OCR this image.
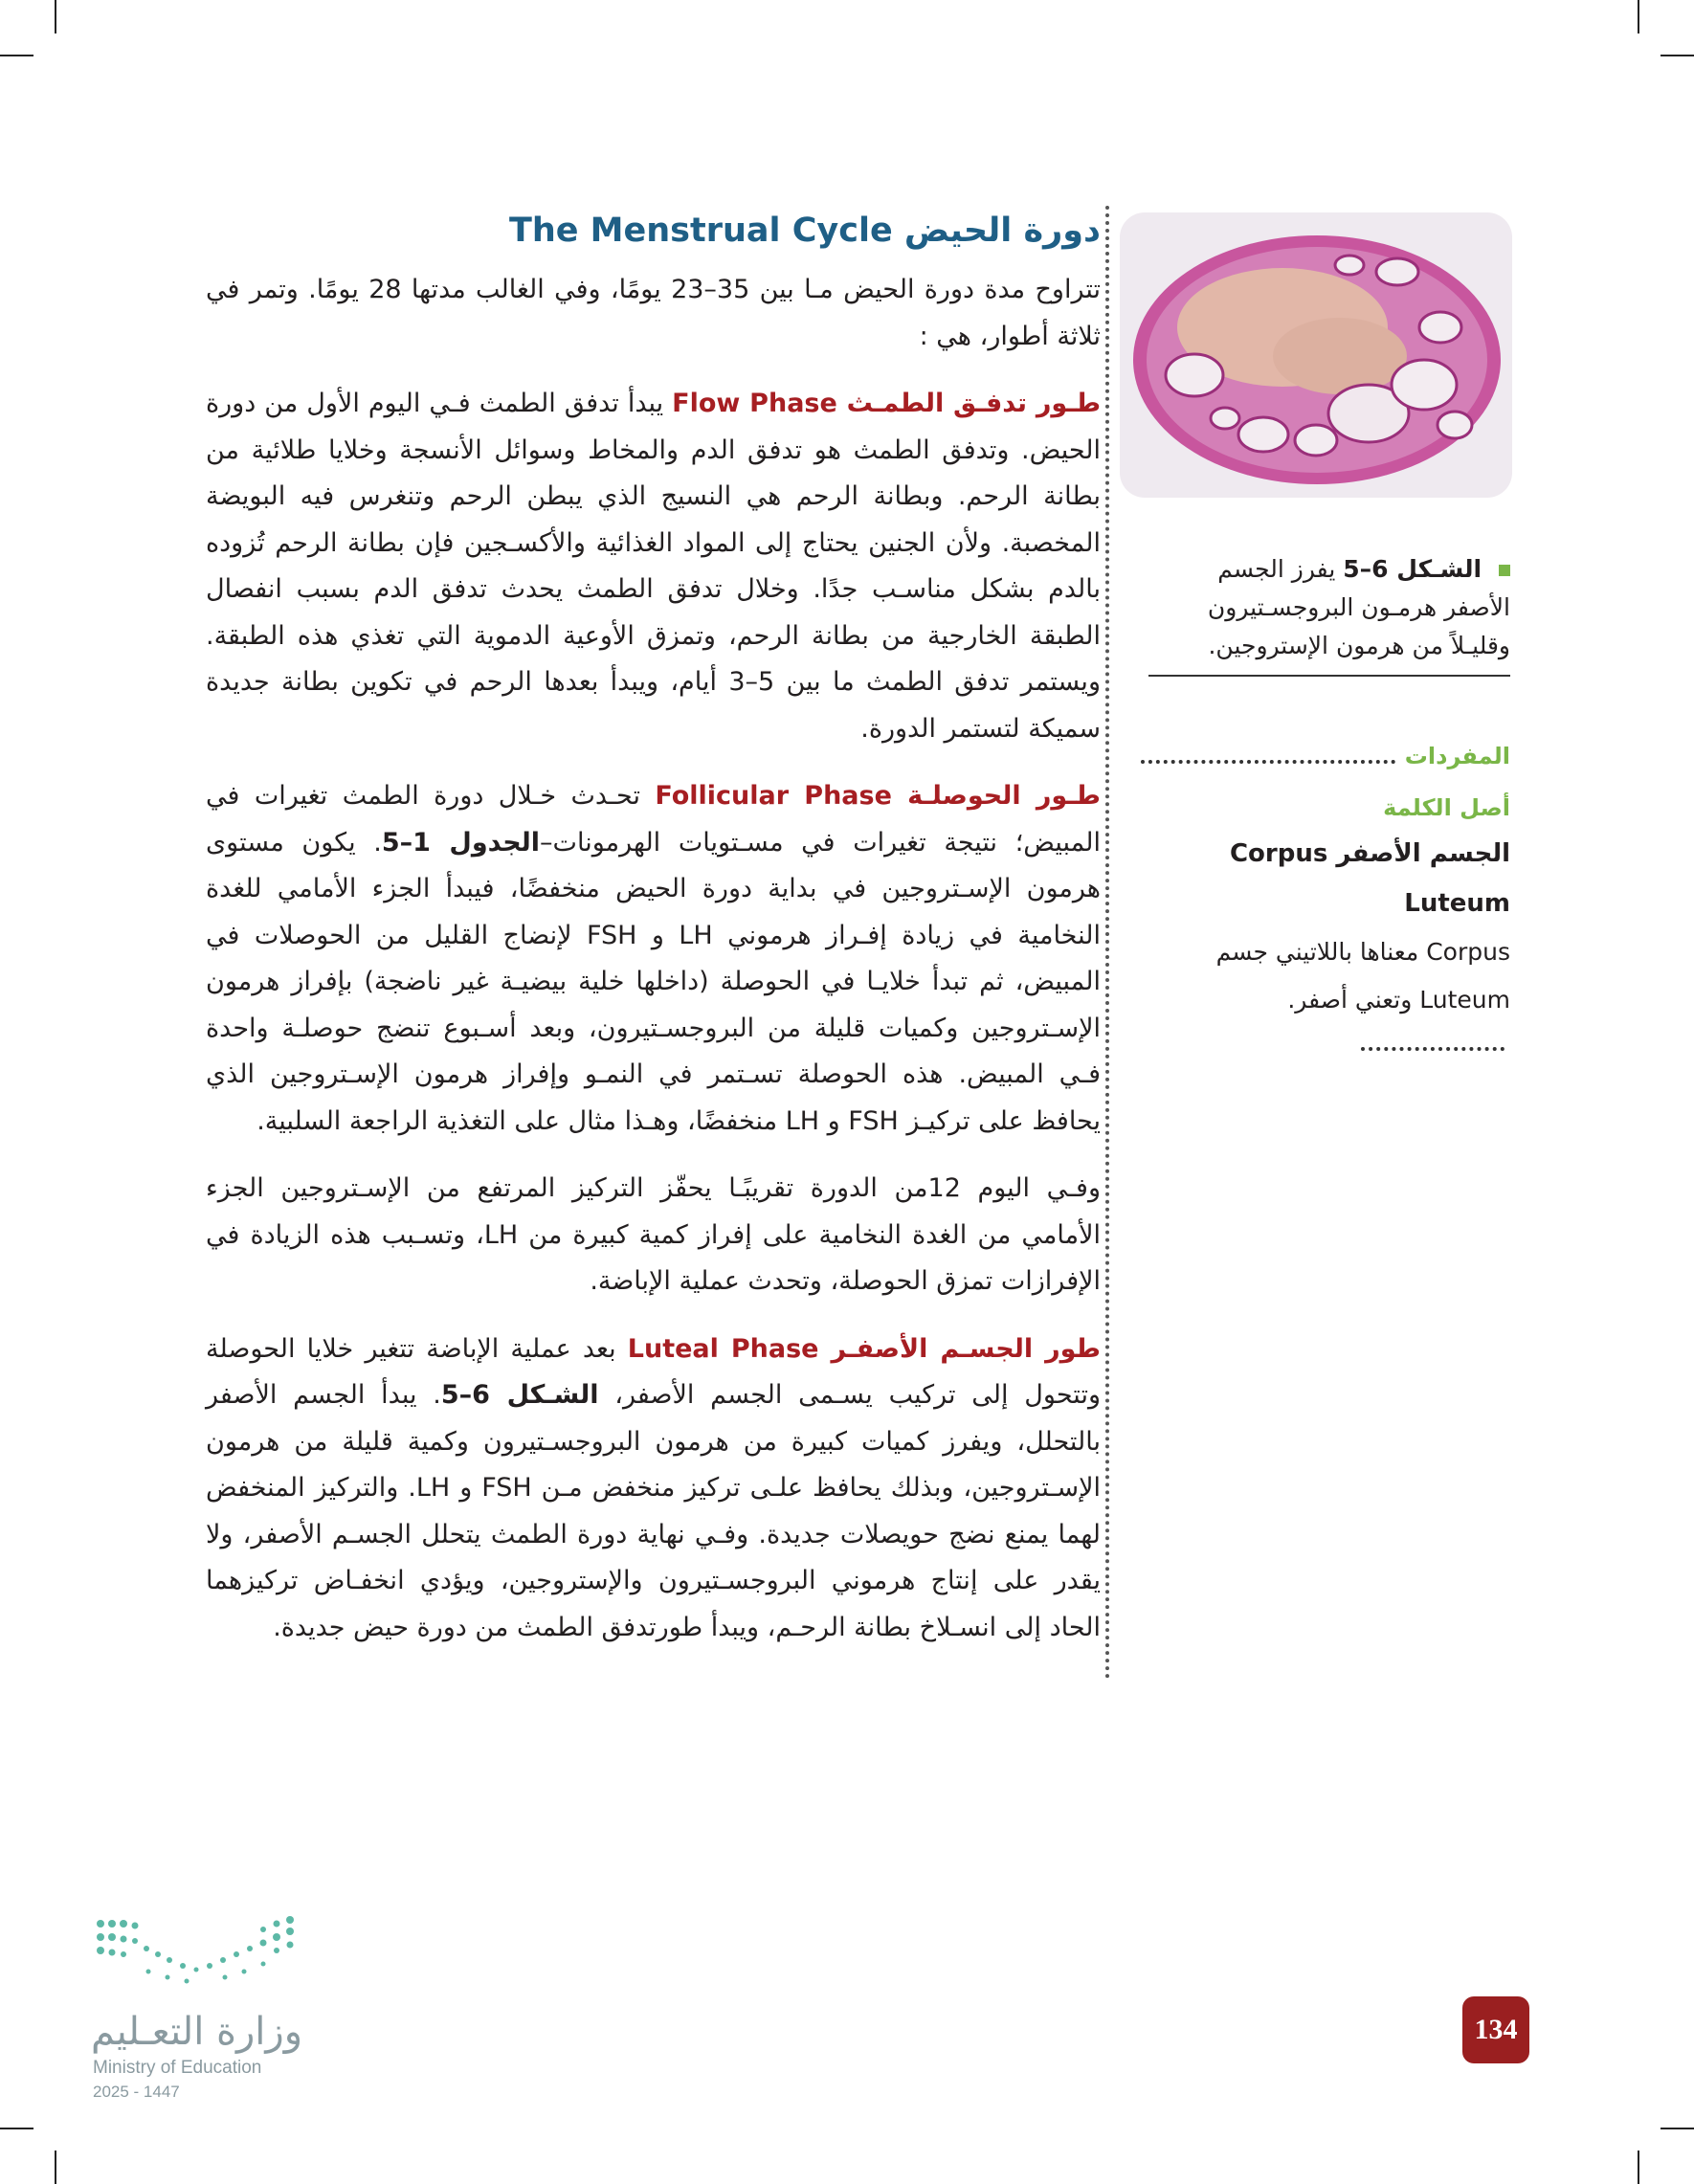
دورة الحيض The Menstrual Cycle

تتراوح مدة دورة الحيض مـا بين 35–23 يومًا، وفي الغالب مدتها 28 يومًا. وتمر في ثلاثة أطوار، هي :

طـور تدفـق الطمـث Flow Phase يبدأ تدفق الطمث فـي اليوم الأول من دورة الحيض. وتدفق الطمث هو تدفق الدم والمخاط وسوائل الأنسجة وخلايا طلائية من بطانة الرحم. وبطانة الرحم هي النسيج الذي يبطن الرحم وتنغرس فيه البويضة المخصبة. ولأن الجنين يحتاج إلى المواد الغذائية والأكسـجين فإن بطانة الرحم تُزوده بالدم بشكل مناسـب جدًا. وخلال تدفق الطمث يحدث تدفق الدم بسبب انفصال الطبقة الخارجية من بطانة الرحم، وتمزق الأوعية الدموية التي تغذي هذه الطبقة. ويستمر تدفق الطمث ما بين 5–3 أيام، ويبدأ بعدها الرحم في تكوين بطانة جديدة سميكة لتستمر الدورة.

طـور الحوصلـة Follicular Phase تحـدث خـلال دورة الطمث تغيرات في المبيض؛ نتيجة تغيرات في مسـتويات الهرمونات–الجدول 1–5. يكون مستوى هرمون الإسـتروجين في بداية دورة الحيض منخفضًا، فيبدأ الجزء الأمامي للغدة النخامية في زيادة إفـراز هرموني LH و FSH لإنضاج القليل من الحوصلات في المبيض، ثم تبدأ خلايـا في الحوصلة (داخلها خلية بيضيـة غير ناضجة) بإفراز هرمون الإسـتروجين وكميات قليلة من البروجسـتيرون، وبعد أسـبوع تنضج حوصلـة واحدة فـي المبيض. هذه الحوصلة تسـتمر في النمـو وإفراز هرمون الإسـتروجين الذي يحافظ على تركيـز FSH و LH منخفضًا، وهـذا مثال على التغذية الراجعة السلبية.

وفـي اليوم 12من الدورة تقريبًـا يحفّز التركيز المرتفع من الإسـتروجين الجزء الأمامي من الغدة النخامية على إفراز كمية كبيرة من LH، وتسـبب هذه الزيادة في الإفرازات تمزق الحوصلة، وتحدث عملية الإباضة.

طور الجسـم الأصفـر Luteal Phase بعد عملية الإباضة تتغير خلايا الحوصلة وتتحول إلى تركيب يسـمى الجسم الأصفر، الشـكل 6–5. يبدأ الجسم الأصفر بالتحلل، ويفرز كميات كبيرة من هرمون البروجسـتيرون وكمية قليلة من هرمون الإسـتروجين، وبذلك يحافظ علـى تركيز منخفض مـن FSH و LH. والتركيز المنخفض لهما يمنع نضج حويصلات جديدة. وفـي نهاية دورة الطمث يتحلل الجسـم الأصفر، ولا يقدر على إنتاج هرموني البروجسـتيرون والإستروجين، ويؤدي انخفـاض تركيزهما الحاد إلى انسـلاخ بطانة الرحـم، ويبدأ طورتدفق الطمث من دورة حيض جديدة.

الشـكل 6–5 يفرز الجسم الأصفر هرمـون البروجسـتيرون وقليـلاً من هرمون الإستروجين.
المفردات
أصل الكلمة
الجسم الأصفر Corpus Luteum
Corpus معناها باللاتيني جسم Luteum وتعني أصفر.
وزارة التعـليم
Ministry of Education
2025 - 1447
134
